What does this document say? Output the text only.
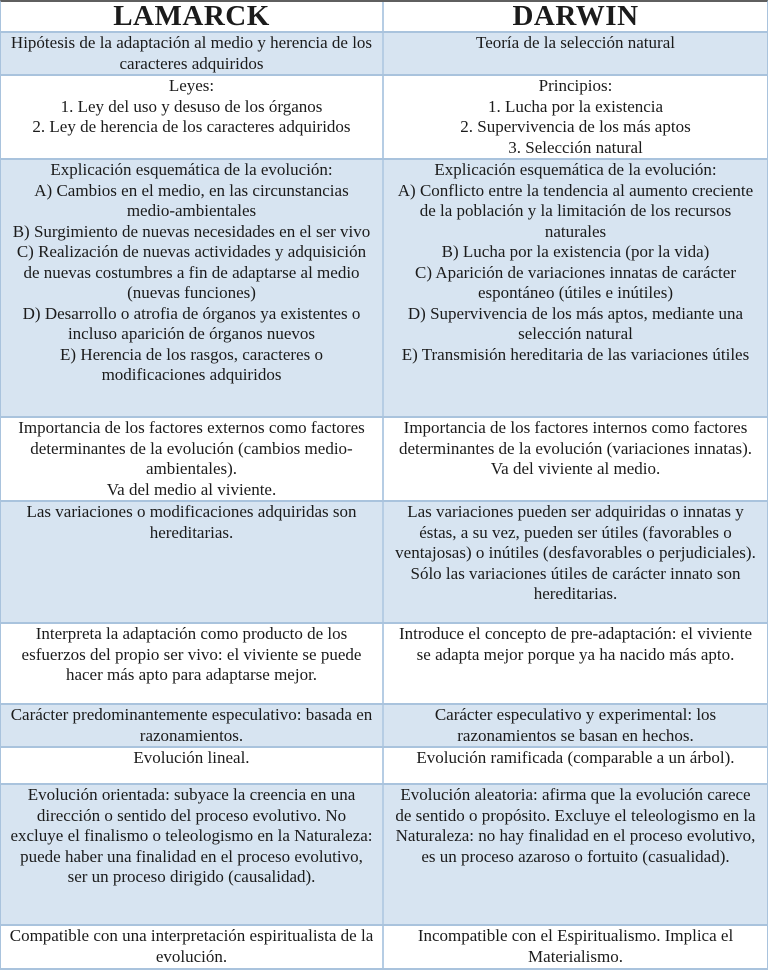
LAMARCK	DARWIN

Hipótesis de la adaptación al medio y herencia de los caracteres adquiridos

Teoría de la selección natural

Leyes:

1. Ley del uso y desuso de los órganos

2. Ley de herencia de los caracteres adquiridos

Principios:

1. Lucha por la existencia

2. Supervivencia de los más aptos

3. Selección natural

Explicación esquemática de la evolución:

A) Cambios en el medio, en las circunstancias medio-ambientales

B) Surgimiento de nuevas necesidades en el ser vivo

C) Realización de nuevas actividades y adquisición de nuevas costumbres a fin de adaptarse al medio (nuevas funciones)

D) Desarrollo o atrofia de órganos ya existentes o incluso aparición de órganos nuevos

E) Herencia de los rasgos, caracteres o modificaciones adquiridos

Explicación esquemática de la evolución:

A) Conflicto entre la tendencia al aumento creciente de la población y la limitación de los recursos naturales

B) Lucha por la existencia (por la vida)

C) Aparición de variaciones innatas de carácter espontáneo (útiles e inútiles)

D) Supervivencia de los más aptos, mediante una selección natural

E) Transmisión hereditaria de las variaciones útiles

Importancia de los factores externos como factores determinantes de la evolución (cambios medio-ambientales).

Va del medio al viviente.

Importancia de los factores internos como factores determinantes de la evolución (variaciones innatas).

Va del viviente al medio.

Las variaciones o modificaciones adquiridas son hereditarias.

Las variaciones pueden ser adquiridas o innatas y éstas, a su vez, pueden ser útiles (favorables o ventajosas) o inútiles (desfavorables o perjudiciales). Sólo las variaciones útiles de carácter innato son hereditarias.

Interpreta la adaptación como producto de los esfuerzos del propio ser vivo: el viviente se puede hacer más apto para adaptarse mejor.

Introduce el concepto de pre-adaptación: el viviente se adapta mejor porque ya ha nacido más apto.

Carácter predominantemente especulativo: basada en razonamientos.

Carácter especulativo y experimental: los razonamientos se basan en hechos.

Evolución lineal.	Evolución ramificada (comparable a un árbol).

Evolución orientada: subyace la creencia en una dirección o sentido del proceso evolutivo. No excluye el finalismo o teleologismo en la Naturaleza: puede haber una finalidad en el proceso evolutivo, ser un proceso dirigido (causalidad).

Evolución aleatoria: afirma que la evolución carece de sentido o propósito. Excluye el teleologismo en la Naturaleza: no hay finalidad en el proceso evolutivo, es un proceso azaroso o fortuito (casualidad).

Compatible con una interpretación espiritualista de la evolución.

Incompatible con el Espiritualismo. Implica el Materialismo.
